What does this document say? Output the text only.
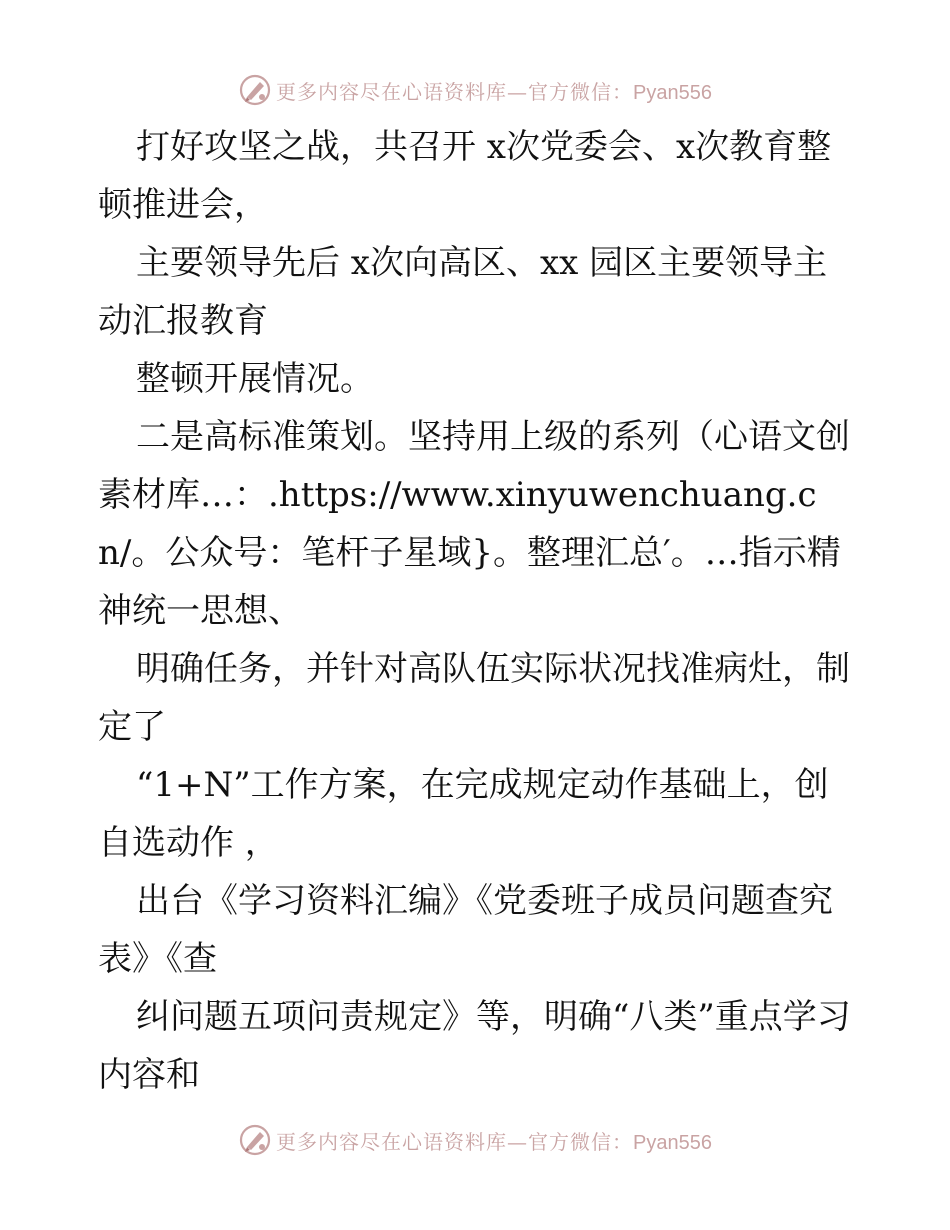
更多内容尽在心语资料库—官方微信：Pyan556

打好攻坚之战，共召开 x次党委会、x次教育整顿推进会，

主要领导先后 x次向高区、xx 园区主要领导主动汇报教育

整顿开展情况。

二是高标准策划。坚持用上级的系列（心语文创素材库…：.https://www.xinyuwenchuang.cn/。公众号：笔杆子星域}。整理汇总′。…指示精神统一思想、

明确任务，并针对高队伍实际状况找准病灶，制定了

“1+N”工作方案，在完成规定动作基础上，创自选动作 ，

出台《学习资料汇编》《党委班子成员问题查究表》《查

纠问题五项问责规定》等，明确“八类”重点学习内容和

更多内容尽在心语资料库—官方微信：Pyan556
